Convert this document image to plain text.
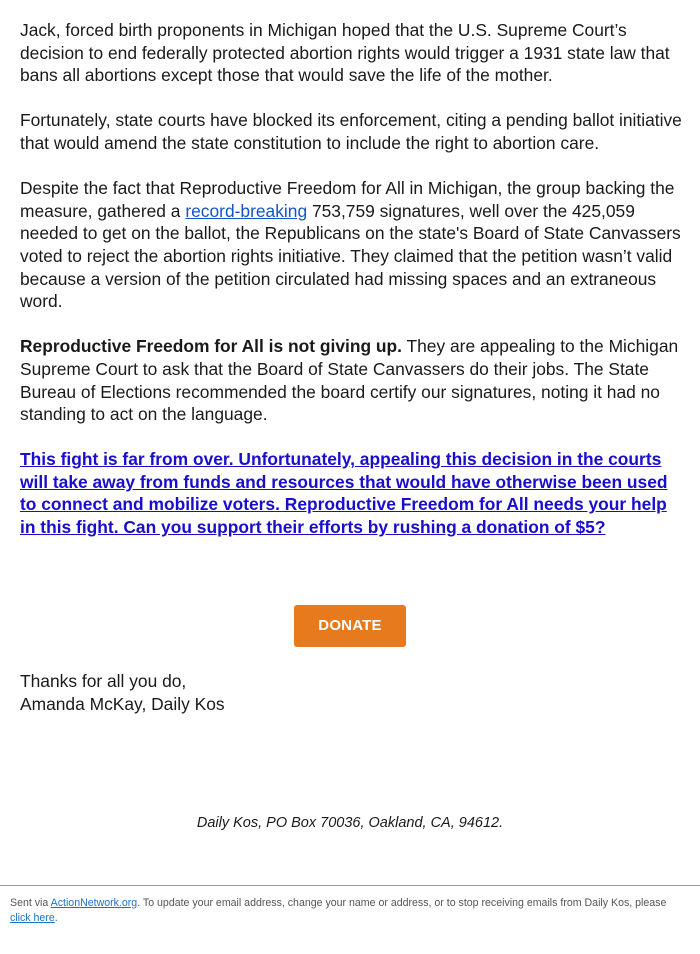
Jack, forced birth proponents in Michigan hoped that the U.S. Supreme Court’s decision to end federally protected abortion rights would trigger a 1931 state law that bans all abortions except those that would save the life of the mother.

Fortunately, state courts have blocked its enforcement, citing a pending ballot initiative that would amend the state constitution to include the right to abortion care.

Despite the fact that Reproductive Freedom for All in Michigan, the group backing the measure, gathered a record-breaking 753,759 signatures, well over the 425,059 needed to get on the ballot, the Republicans on the state's Board of State Canvassers voted to reject the abortion rights initiative. They claimed that the petition wasn’t valid because a version of the petition circulated had missing spaces and an extraneous word.

Reproductive Freedom for All is not giving up. They are appealing to the Michigan Supreme Court to ask that the Board of State Canvassers do their jobs. The State Bureau of Elections recommended the board certify our signatures, noting it had no standing to act on the language.

This fight is far from over. Unfortunately, appealing this decision in the courts will take away from funds and resources that would have otherwise been used to connect and mobilize voters. Reproductive Freedom for All needs your help in this fight. Can you support their efforts by rushing a donation of $5?

DONATE
Thanks for all you do,
Amanda McKay, Daily Kos
Daily Kos, PO Box 70036, Oakland, CA, 94612.
Sent via ActionNetwork.org. To update your email address, change your name or address, or to stop receiving emails from Daily Kos, please click here.
